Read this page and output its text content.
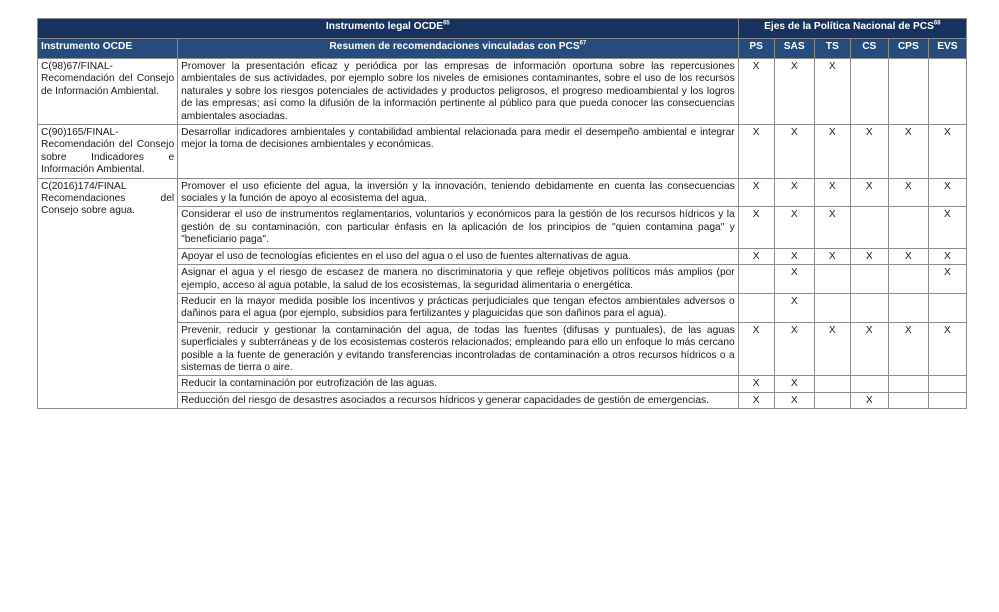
Instrumento legal OCDE$^{65}$		Ejes de la Política Nacional de PCS$^{66}$
Instrumento OCDE	Resumen de recomendaciones vinculadas con PCS$^{67}$	PS	SAS	TS	CS	CPS	EVS
C(98)67/FINAL-Recomendación del Consejo de Información Ambiental.	Promover la presentación eficaz y periódica por las empresas de información oportuna sobre las repercusiones ambientales de sus actividades, por ejemplo sobre los niveles de emisiones contaminantes, sobre el uso de los recursos naturales y sobre los riesgos potenciales de actividades y productos peligrosos, el progreso medioambiental y los logros de las empresas; así como la difusión de la información pertinente al público para que pueda conocer las consecuencias ambientales asociadas.	X	X	X			
C(90)165/FINAL-Recomendación del Consejo sobre Indicadores e Información Ambiental.	Desarrollar indicadores ambientales y contabilidad ambiental relacionada para medir el desempeño ambiental e integrar mejor la toma de decisiones ambientales y económicas.	X	X	X	X	X	X
C(2016)174/FINAL Recomendaciones del Consejo sobre agua.	Promover el uso eficiente del agua, la inversión y la innovación, teniendo debidamente en cuenta las consecuencias sociales y la función de apoyo al ecosistema del agua.	X	X	X	X	X	X
	Considerar el uso de instrumentos reglamentarios, voluntarios y económicos para la gestión de los recursos hídricos y la gestión de su contaminación, con particular énfasis en la aplicación de los principios de "quien contamina paga" y "beneficiario paga".	X	X	X			X
	Apoyar el uso de tecnologías eficientes en el uso del agua o el uso de fuentes alternativas de agua.	X	X	X	X	X	X
	Asignar el agua y el riesgo de escasez de manera no discriminatoria y que refleje objetivos políticos más amplios (por ejemplo, acceso al agua potable, la salud de los ecosistemas, la seguridad alimentaria o energética.		X				X
	Reducir en la mayor medida posible los incentivos y prácticas perjudiciales que tengan efectos ambientales adversos o dañinos para el agua (por ejemplo, subsidios para fertilizantes y plaguicidas que son dañinos para el agua).		X				
	Prevenir, reducir y gestionar la contaminación del agua, de todas las fuentes (difusas y puntuales), de las aguas superficiales y subterráneas y de los ecosistemas costeros relacionados; empleando para ello un enfoque lo más cercano posible a la fuente de generación y evitando transferencias incontroladas de contaminación a otros recursos hídricos o a sistemas de tierra o aire.	X	X	X	X	X	X
	Reducir la contaminación por eutrofización de las aguas.	X	X				
	Reducción del riesgo de desastres asociados a recursos hídricos y generar capacidades de gestión de emergencias.	X	X		X		
